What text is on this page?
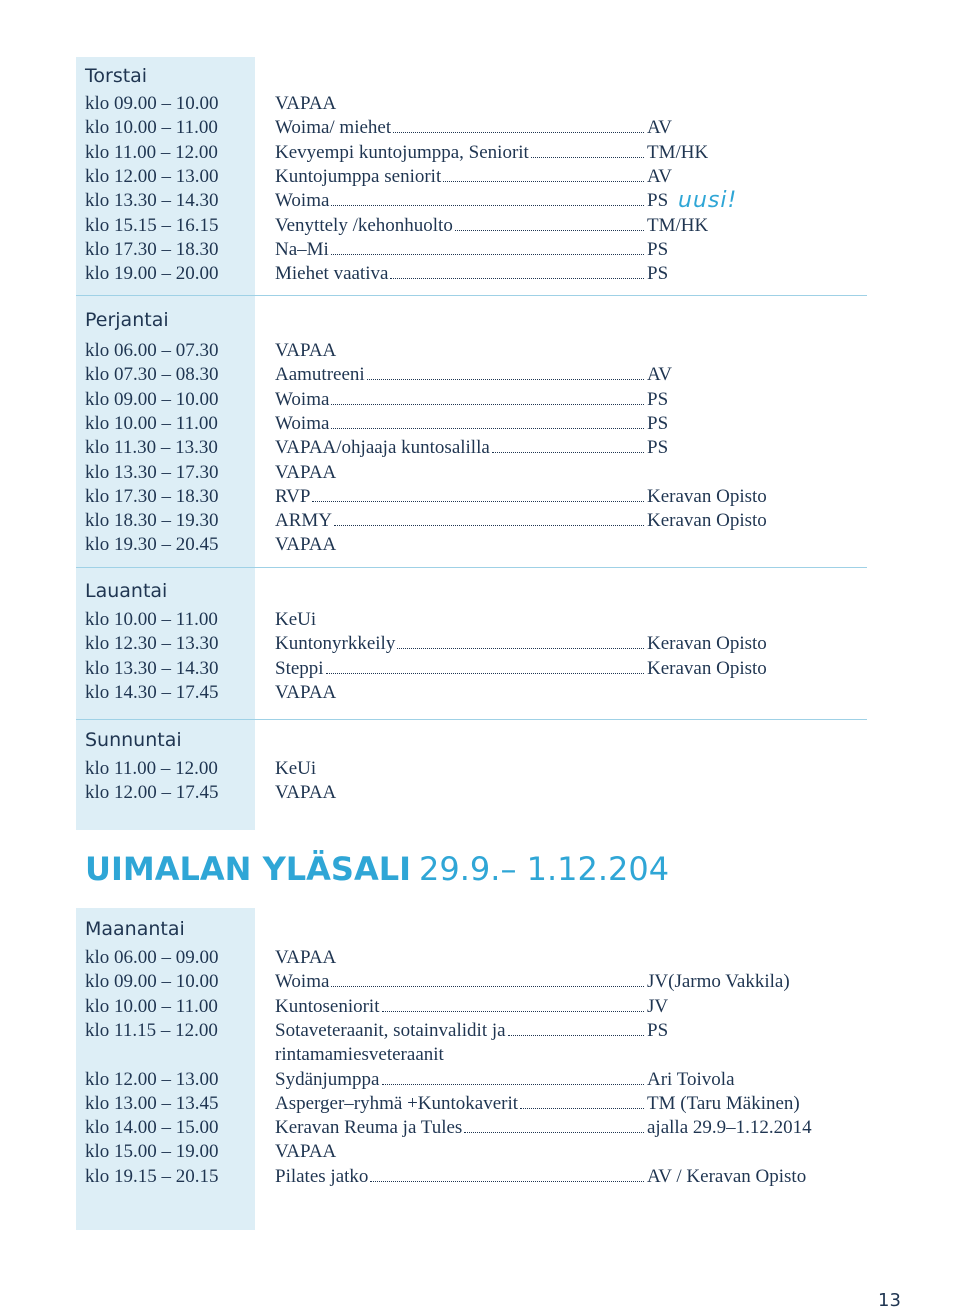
Torstai
klo 09.00 – 10.00	VAPAA
klo 10.00 – 11.00	Woima/ miehet	AV
klo 11.00 – 12.00	Kevyempi kuntojumppa, Seniorit	TM/HK
klo 12.00 – 13.00	Kuntojumppa seniorit	AV
klo 13.30 – 14.30	Woima	PS
klo 15.15 – 16.15	Venyttely /kehonhuolto	TM/HK
klo 17.30 – 18.30	Na–Mi	PS
klo 19.00 – 20.00	Miehet vaativa	PS
Perjantai
klo 06.00 – 07.30	VAPAA
klo 07.30 – 08.30	Aamutreeni	AV
klo 09.00 – 10.00	Woima	PS
klo 10.00 – 11.00	Woima	PS
klo 11.30 – 13.30	VAPAA/ohjaaja kuntosalilla	PS
klo 13.30 – 17.30	VAPAA
klo 17.30 – 18.30	RVP	Keravan Opisto
klo 18.30 – 19.30	ARMY	Keravan Opisto
klo 19.30 – 20.45	VAPAA
Lauantai
klo 10.00 – 11.00	KeUi
klo 12.30 – 13.30	Kuntonyrkkeily	Keravan Opisto
klo 13.30 – 14.30	Steppi	Keravan Opisto
klo 14.30 – 17.45	VAPAA
Sunnuntai
klo 11.00 – 12.00	KeUi
klo 12.00 – 17.45	VAPAA
Maanantai
klo 06.00 – 09.00	VAPAA
klo 09.00 – 10.00	Woima	JV(Jarmo Vakkila)
klo 10.00 – 11.00	Kuntoseniorit	JV
klo 11.15 – 12.00	Sotaveteraanit, sotainvalidit ja	PS
rintamamiesveteraanit
klo 12.00 – 13.00	Sydänjumppa	Ari Toivola
klo 13.00 – 13.45	Asperger–ryhmä +Kuntokaverit	TM (Taru Mäkinen)
klo 14.00 – 15.00	Keravan Reuma ja Tules	ajalla 29.9–1.12.2014
klo 15.00 – 19.00	VAPAA
klo 19.15 – 20.15	Pilates jatko	AV / Keravan Opisto
uusi!
UIMALAN YLÄSALI 29.9.– 1.12.204
13
